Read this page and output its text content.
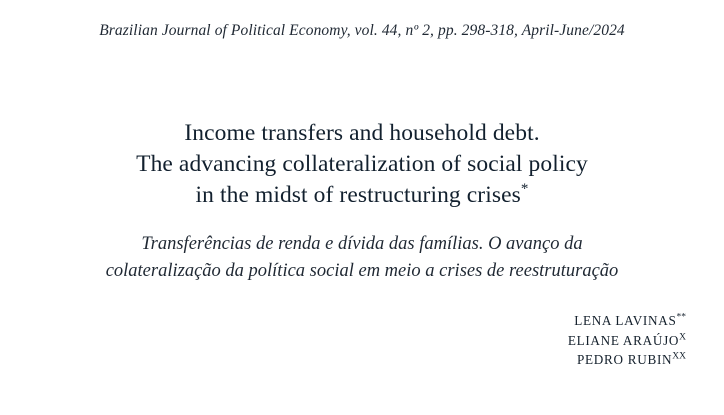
Brazilian Journal of Political Economy, vol. 44, nº 2, pp. 298-318, April-June/2024
Income transfers and household debt.
The advancing collateralization of social policy
in the midst of restructuring crises*
Transferências de renda e dívida das famílias. O avanço da
colateralização da política social em meio a crises de reestruturação
LENA LAVINAS**
ELIANE $ARAÚJO^X$
PEDRO $RUBIN^{XX}$
